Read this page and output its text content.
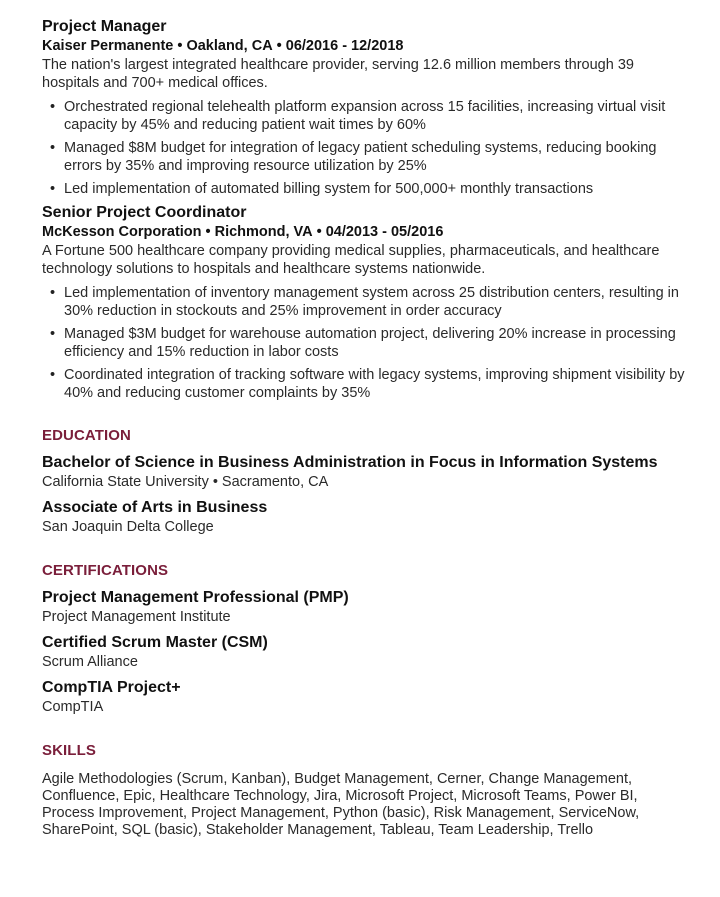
Project Manager

Kaiser Permanente • Oakland, CA • 06/2016 - 12/2018

The nation's largest integrated healthcare provider, serving 12.6 million members through 39 hospitals and 700+ medical offices.

• Orchestrated regional telehealth platform expansion across 15 facilities, increasing virtual visit capacity by 45% and reducing patient wait times by 60%
• Managed $8M budget for integration of legacy patient scheduling systems, reducing booking errors by 35% and improving resource utilization by 25%
• Led implementation of automated billing system for 500,000+ monthly transactions

Senior Project Coordinator

McKesson Corporation • Richmond, VA • 04/2013 - 05/2016

A Fortune 500 healthcare company providing medical supplies, pharmaceuticals, and healthcare technology solutions to hospitals and healthcare systems nationwide.

• Led implementation of inventory management system across 25 distribution centers, resulting in 30% reduction in stockouts and 25% improvement in order accuracy
• Managed $3M budget for warehouse automation project, delivering 20% increase in processing efficiency and 15% reduction in labor costs
• Coordinated integration of tracking software with legacy systems, improving shipment visibility by 40% and reducing customer complaints by 35%

EDUCATION

Bachelor of Science in Business Administration in Focus in Information Systems

California State University • Sacramento, CA

Associate of Arts in Business

San Joaquin Delta College

CERTIFICATIONS

Project Management Professional (PMP)

Project Management Institute

Certified Scrum Master (CSM)

Scrum Alliance

CompTIA Project+

CompTIA

SKILLS

Agile Methodologies (Scrum, Kanban), Budget Management, Cerner, Change Management, Confluence, Epic, Healthcare Technology, Jira, Microsoft Project, Microsoft Teams, Power BI, Process Improvement, Project Management, Python (basic), Risk Management, ServiceNow, SharePoint, SQL (basic), Stakeholder Management, Tableau, Team Leadership, Trello
